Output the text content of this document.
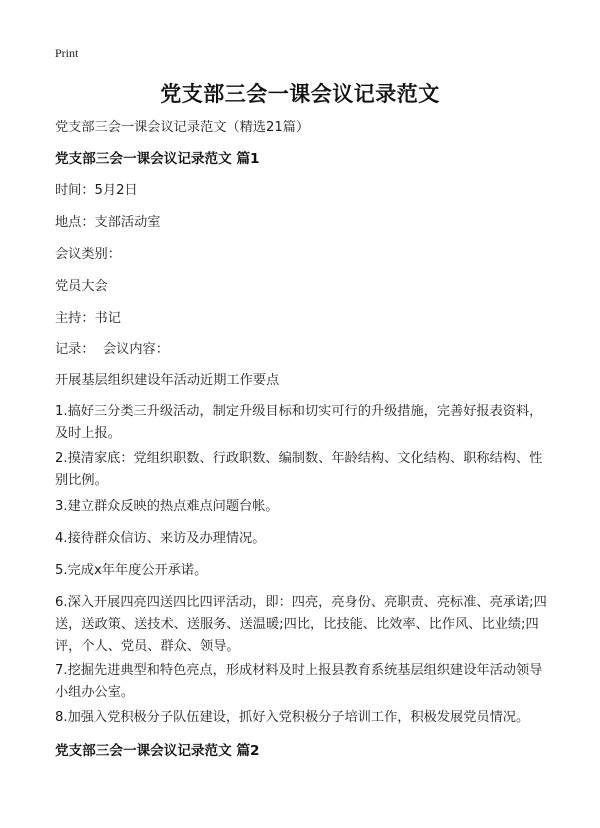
Print
党支部三会一课会议记录范文
党支部三会一课会议记录范文（精选21篇）
党支部三会一课会议记录范文 篇1
时间：5月2日
地点：支部活动室
会议类别：
党员大会
主持：书记
记录：  会议内容：
开展基层组织建设年活动近期工作要点
1.搞好三分类三升级活动，制定升级目标和切实可行的升级措施，完善好报表资料，及时上报。
2.摸清家底：党组织职数、行政职数、编制数、年龄结构、文化结构、职称结构、性别比例。
3.建立群众反映的热点难点问题台帐。
4.接待群众信访、来访及办理情况。
5.完成x年年度公开承诺。
6.深入开展四亮四送四比四评活动，即：四亮，亮身份、亮职责、亮标准、亮承诺;四送，送政策、送技术、送服务、送温暖;四比，比技能、比效率、比作风、比业绩;四评，个人、党员、群众、领导。
7.挖掘先进典型和特色亮点，形成材料及时上报县教育系统基层组织建设年活动领导小组办公室。
8.加强入党积极分子队伍建设，抓好入党积极分子培训工作，积极发展党员情况。
党支部三会一课会议记录范文 篇2
